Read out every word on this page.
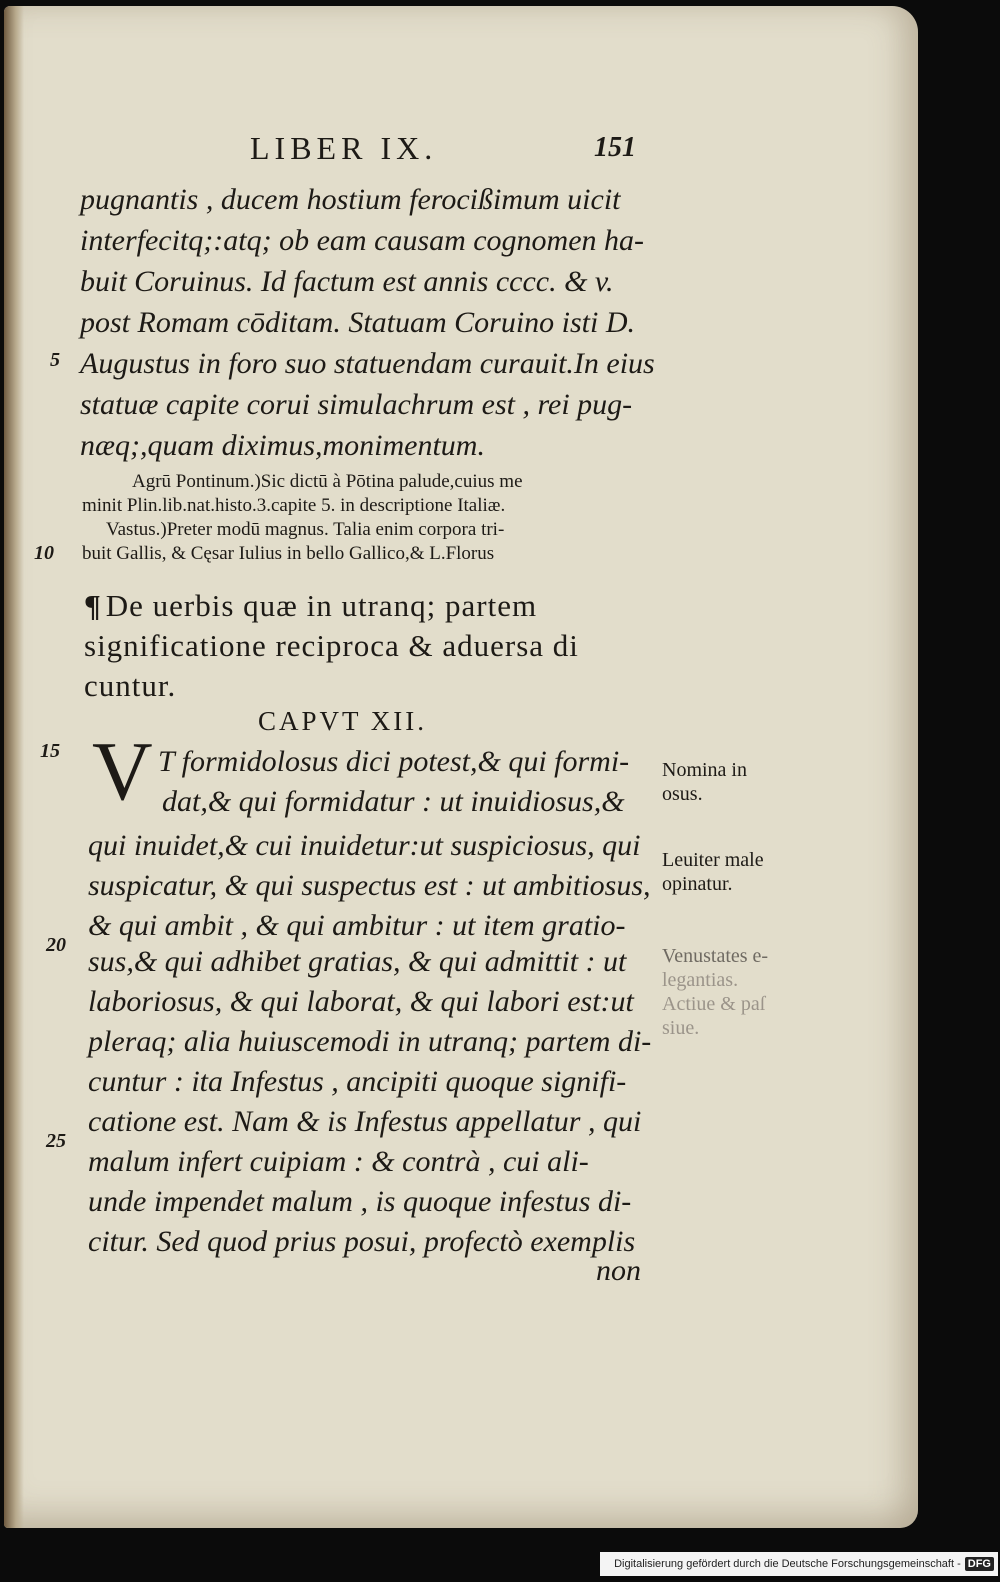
LIBER IX.	151
pugnantis , ducem hostium ferocißimum uicit
interfecitq;:atq; ob eam causam cognomen ha-
buit Coruinus. Id factum est annis cccc. & v.
post Romam cōditam. Statuam Coruino isti D.
Augustus in foro suo statuendam curauit.In eius
statuæ capite corui simulachrum est , rei pug-
næq;,quam diximus,monimentum.
5
Agrū Pontinum.)Sic dictū à Pōtina palude,cuius me
minit Plin.lib.nat.histo.3.capite 5. in descriptione Italiæ.
Vastus.)Preter modū magnus. Talia enim corpora tri-
buit Gallis, & Cęsar Iulius in bello Gallico,& L.Florus
10
¶ De uerbis quæ in utranq; partem
significatione reciproca & aduersa di
cuntur.
CAPVT XII.
V
15	T formidolosus dici potest,& qui formi-
dat,& qui formidatur : ut inuidiosus,&
qui inuidet,& cui inuidetur:ut suspiciosus, qui
suspicatur, & qui suspectus est : ut ambitiosus,
& qui ambit , & qui ambitur : ut item gratio-
sus,& qui adhibet gratias, & qui admittit : ut
laboriosus, & qui laborat, & qui labori est:ut
pleraq; alia huiuscemodi in utranq; partem di-
cuntur : ita Infestus , ancipiti quoque signifi-
catione est. Nam & is Infestus appellatur , qui
malum infert cuipiam : & contrà , cui ali-
unde impendet malum , is quoque infestus di-
citur. Sed quod prius posui, profectò exemplis
non
20
25
Nomina in
osus.
Leuiter male
opinatur.
Venustates e-
legantias.
Actiue & paſ
siue.
Digitalisierung gefördert durch die Deutsche Forschungsgemeinschaft - DFG
